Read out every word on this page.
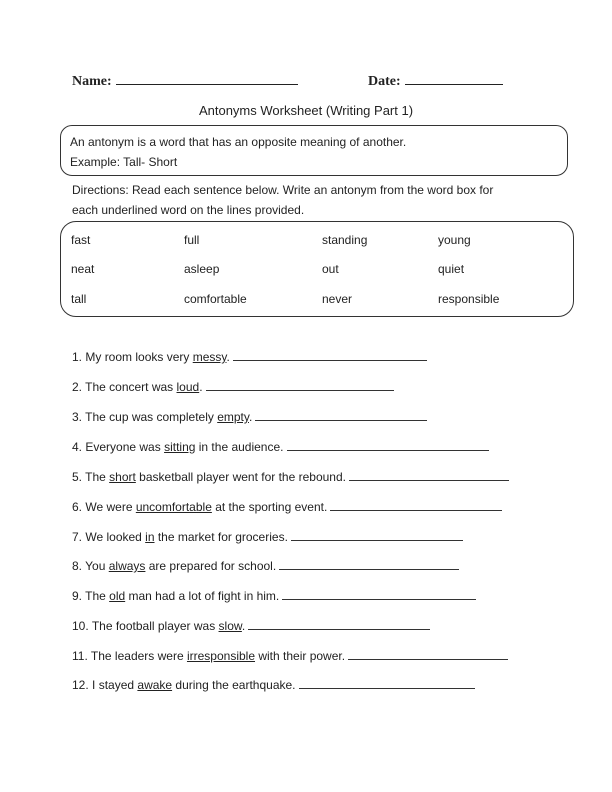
Name:	Date:
Antonyms Worksheet (Writing Part 1)
An antonym is a word that has an opposite meaning of another.
Example: Tall- Short
Directions: Read each sentence below. Write an antonym from the word box for
each underlined word on the lines provided.
fast	full	standing	young
neat	asleep	out	quiet
tall	comfortable	never	responsible
1. My room looks very messy.
2. The concert was loud.
3. The cup was completely empty.
4. Everyone was sitting in the audience.
5. The short basketball player went for the rebound.
6. We were uncomfortable at the sporting event.
7. We looked in the market for groceries.
8. You always are prepared for school.
9. The old man had a lot of fight in him.
10. The football player was slow.
11. The leaders were irresponsible with their power.
12. I stayed awake during the earthquake.
